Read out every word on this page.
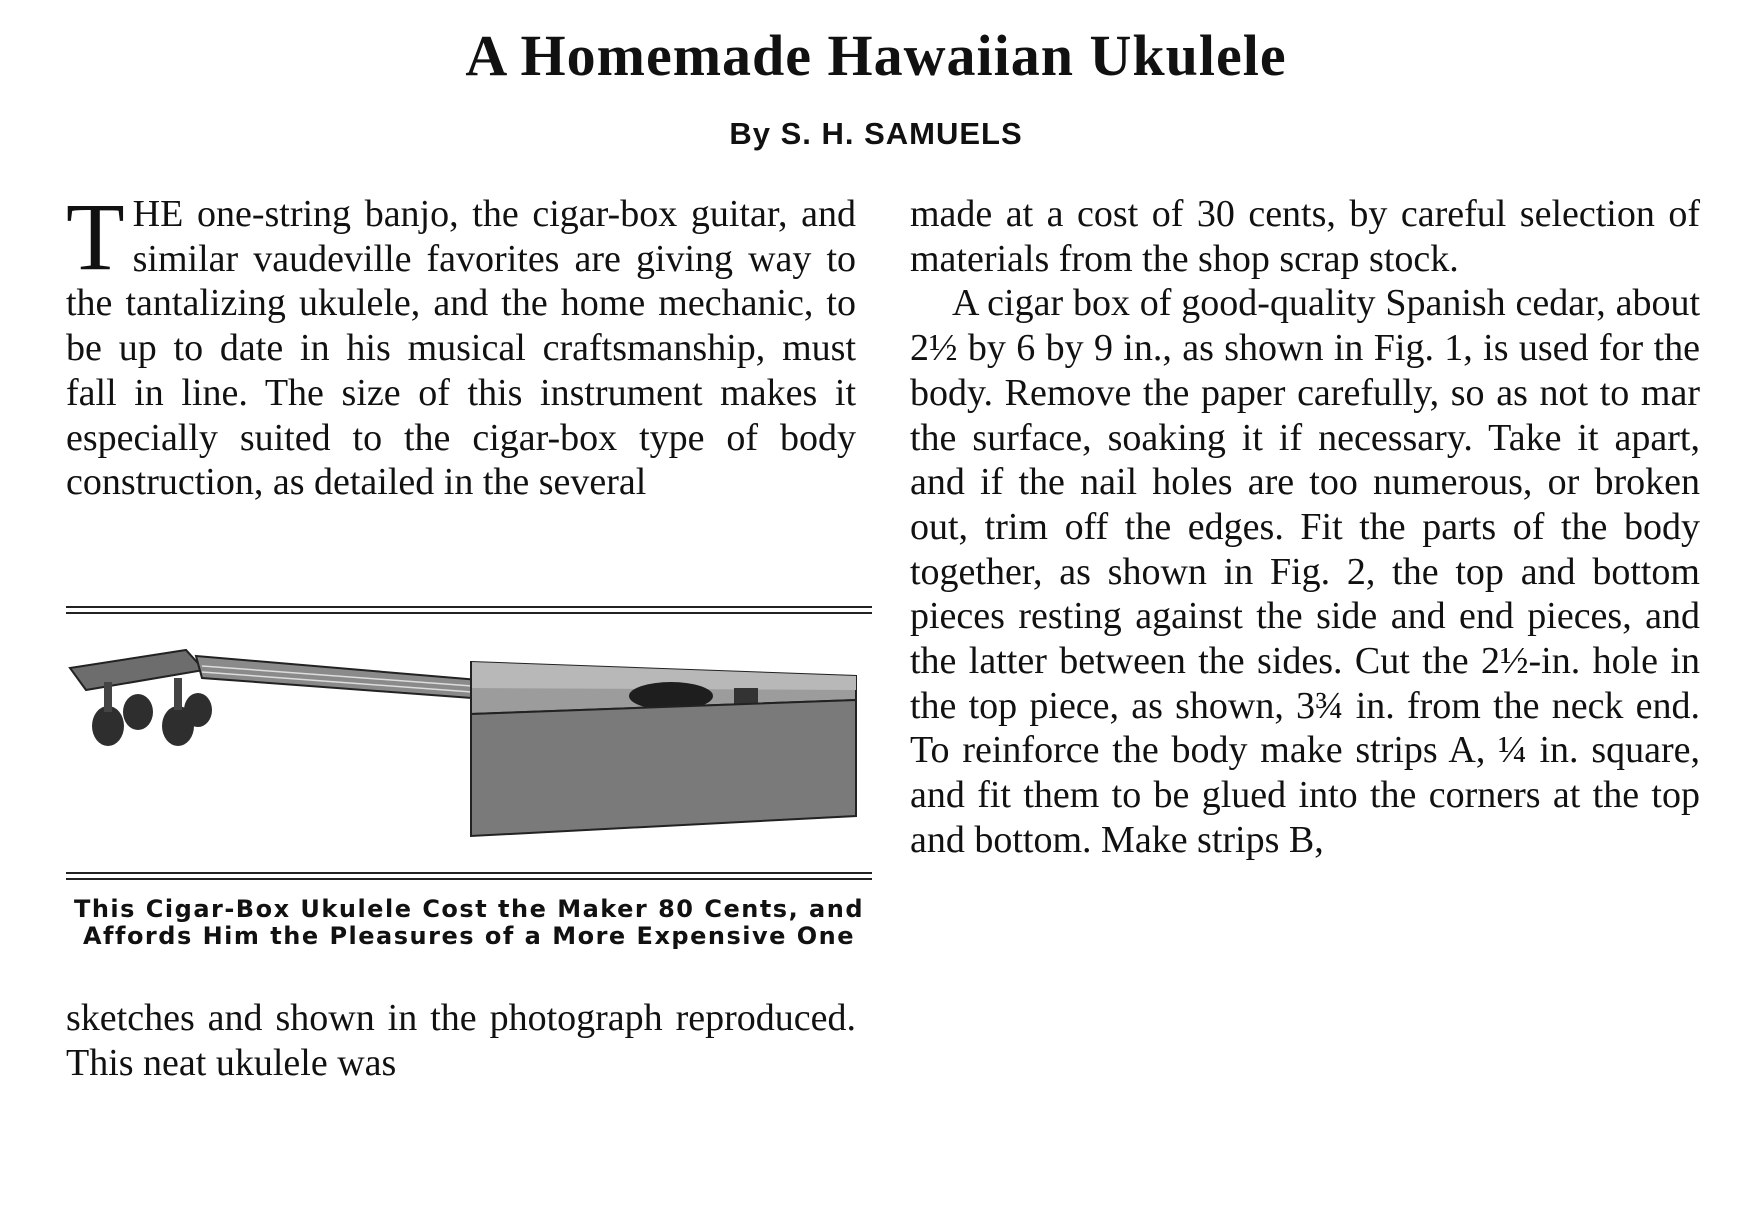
A Homemade Hawaiian Ukulele
By S. H. SAMUELS
T HE one-string banjo, the cigar-box guitar, and similar vaudeville favorites are giving way to the tantalizing ukulele, and the home mechanic, to be up to date in his musical craftsmanship, must fall in line. The size of this instrument makes it especially suited to the cigar-box type of body construction, as detailed in the several
This Cigar-Box Ukulele Cost the Maker 80 Cents, and Affords Him the Pleasures of a More Expensive One
sketches and shown in the photograph reproduced. This neat ukulele was
made at a cost of 30 cents, by careful selection of materials from the shop scrap stock.
A cigar box of good-quality Spanish cedar, about 2½ by 6 by 9 in., as shown in Fig. 1, is used for the body. Remove the paper carefully, so as not to mar the surface, soaking it if necessary. Take it apart, and if the nail holes are too numerous, or broken out, trim off the edges. Fit the parts of the body together, as shown in Fig. 2, the top and bottom pieces resting against the side and end pieces, and the latter between the sides. Cut the 2½-in. hole in the top piece, as shown, 3¾ in. from the neck end. To reinforce the body make strips A, ¼ in. square, and fit them to be glued into the corners at the top and bottom. Make strips B,
